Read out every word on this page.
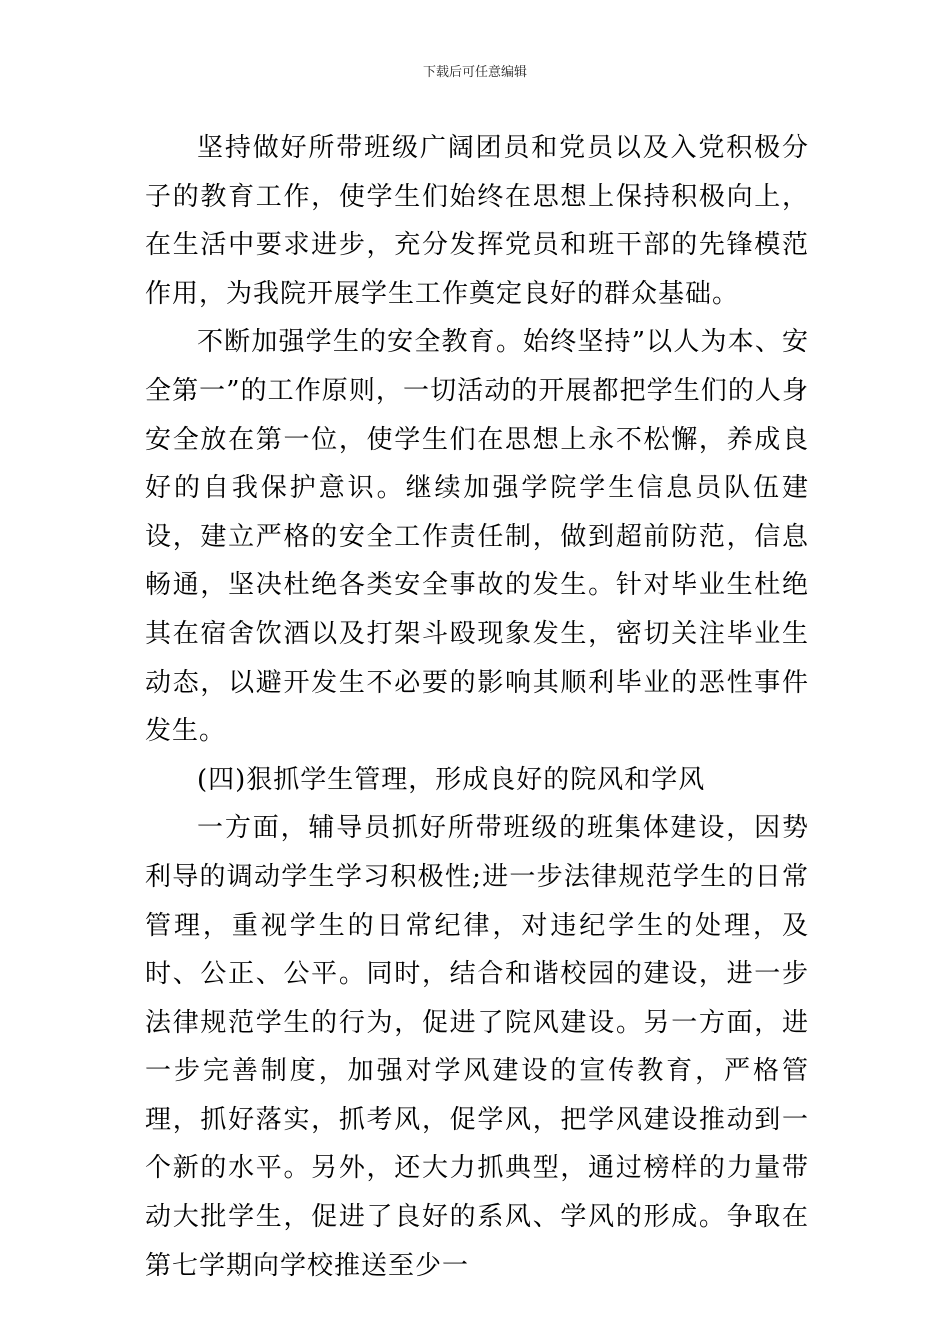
下载后可任意编辑

坚持做好所带班级广阔团员和党员以及入党积极分子的教育工作，使学生们始终在思想上保持积极向上，在生活中要求进步，充分发挥党员和班干部的先锋模范作用，为我院开展学生工作奠定良好的群众基础。

不断加强学生的安全教育。始终坚持”以人为本、安全第一”的工作原则，一切活动的开展都把学生们的人身安全放在第一位，使学生们在思想上永不松懈，养成良好的自我保护意识。继续加强学院学生信息员队伍建设，建立严格的安全工作责任制，做到超前防范，信息畅通，坚决杜绝各类安全事故的发生。针对毕业生杜绝其在宿舍饮酒以及打架斗殴现象发生，密切关注毕业生动态，以避开发生不必要的影响其顺利毕业的恶性事件发生。

(四)狠抓学生管理，形成良好的院风和学风

一方面，辅导员抓好所带班级的班集体建设，因势利导的调动学生学习积极性;进一步法律规范学生的日常管理，重视学生的日常纪律，对违纪学生的处理，及时、公正、公平。同时，结合和谐校园的建设，进一步法律规范学生的行为，促进了院风建设。另一方面，进一步完善制度，加强对学风建设的宣传教育，严格管理，抓好落实，抓考风，促学风，把学风建设推动到一个新的水平。另外，还大力抓典型，通过榜样的力量带动大批学生，促进了良好的系风、学风的形成。争取在第七学期向学校推送至少一
